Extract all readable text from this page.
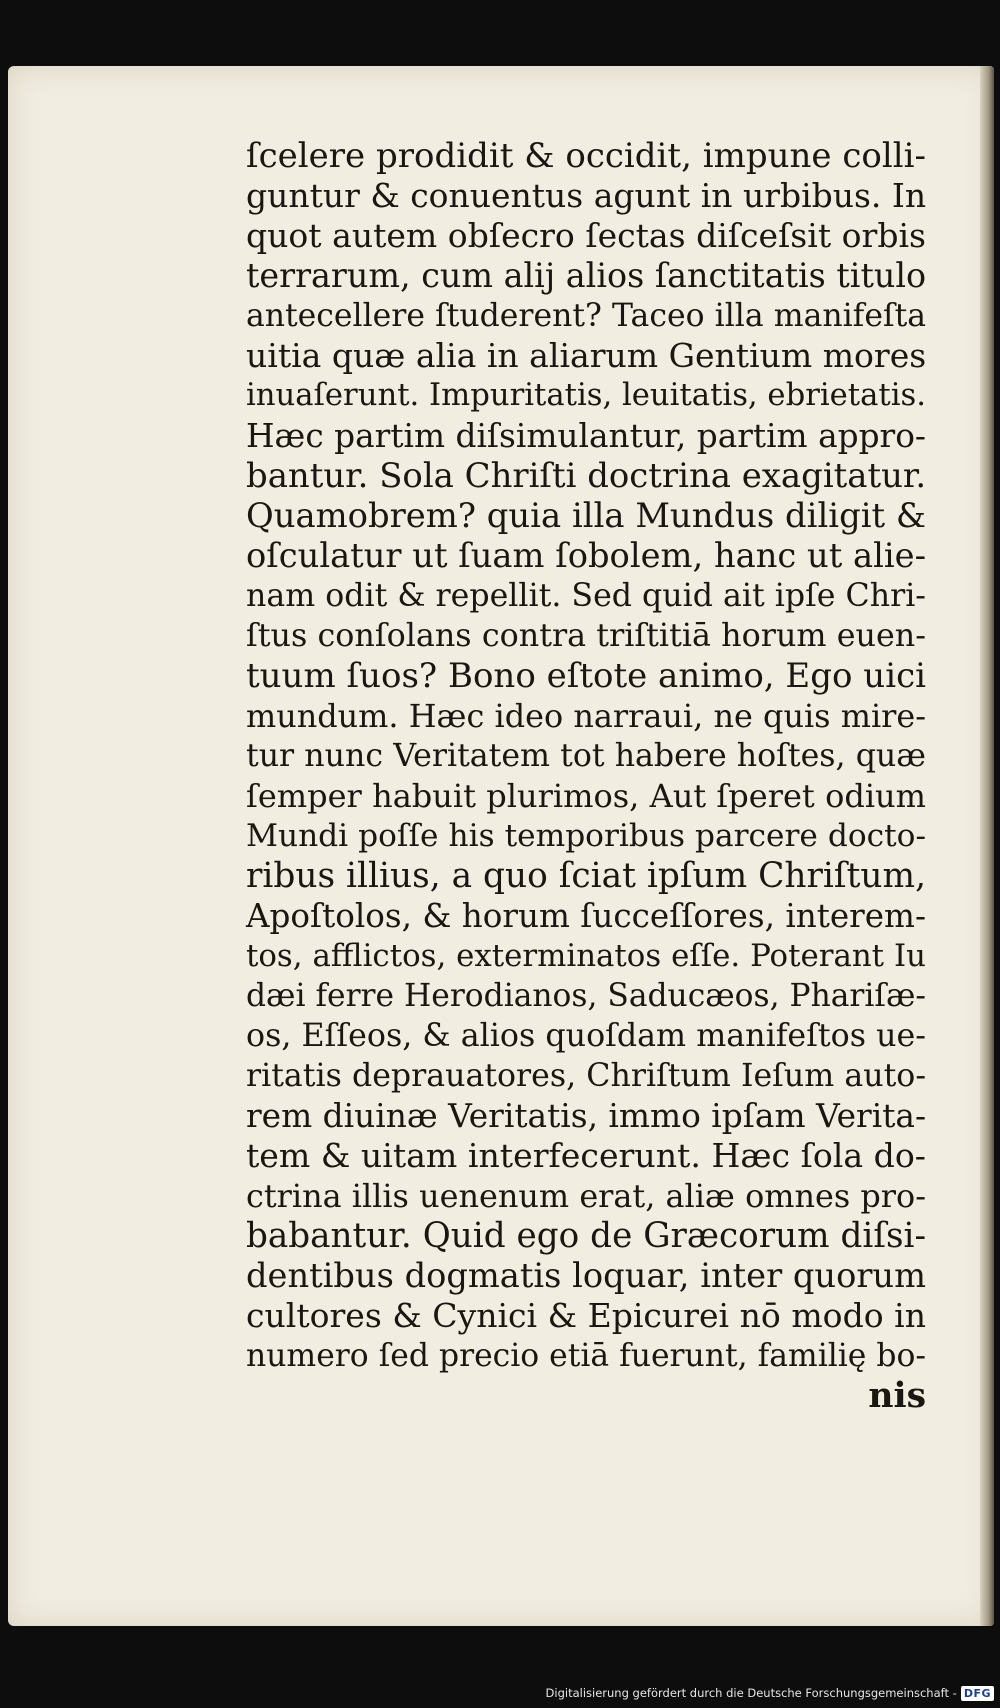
ſcelere prodidit & occidit, impune colli-
guntur & conuentus agunt in urbibus. In
quot autem obſecro ſectas diſceſsit orbis
terrarum, cum alij alios ſanctitatis titulo
antecellere ſtuderent? Taceo illa manifeſta
uitia quæ alia in aliarum Gentium mores
inuaſerunt. Impuritatis, leuitatis, ebrietatis.
Hæc partim diſsimulantur, partim appro-
bantur. Sola Chriſti doctrina exagitatur.
Quamobrem? quia illa Mundus diligit &
oſculatur ut ſuam ſobolem, hanc ut alie-
nam odit & repellit. Sed quid ait ipſe Chri-
ſtus conſolans contra triſtitiā horum euen-
tuum ſuos? Bono eſtote animo, Ego uici
mundum. Hæc ideo narraui, ne quis mire-
tur nunc Veritatem tot habere hoſtes, quæ
ſemper habuit plurimos, Aut ſperet odium
Mundi poſſe his temporibus parcere docto-
ribus illius, a quo ſciat ipſum Chriſtum,
Apoſtolos, & horum ſucceſſores, interem-
tos, afflictos, exterminatos eſſe. Poterant Iu
dæi ferre Herodianos, Saducæos, Phariſæ-
os, Eſſeos, & alios quoſdam manifeſtos ue-
ritatis deprauatores, Chriſtum Ieſum auto-
rem diuinæ Veritatis, immo ipſam Verita-
tem & uitam interfecerunt. Hæc ſola do-
ctrina illis uenenum erat, aliæ omnes pro-
babantur. Quid ego de Græcorum diſsi-
dentibus dogmatis loquar, inter quorum
cultores & Cynici & Epicurei nō modo in
numero ſed precio etiā fuerunt, familię bo-
nis
Digitalisierung gefördert durch die Deutsche Forschungsgemeinschaft - DFG
